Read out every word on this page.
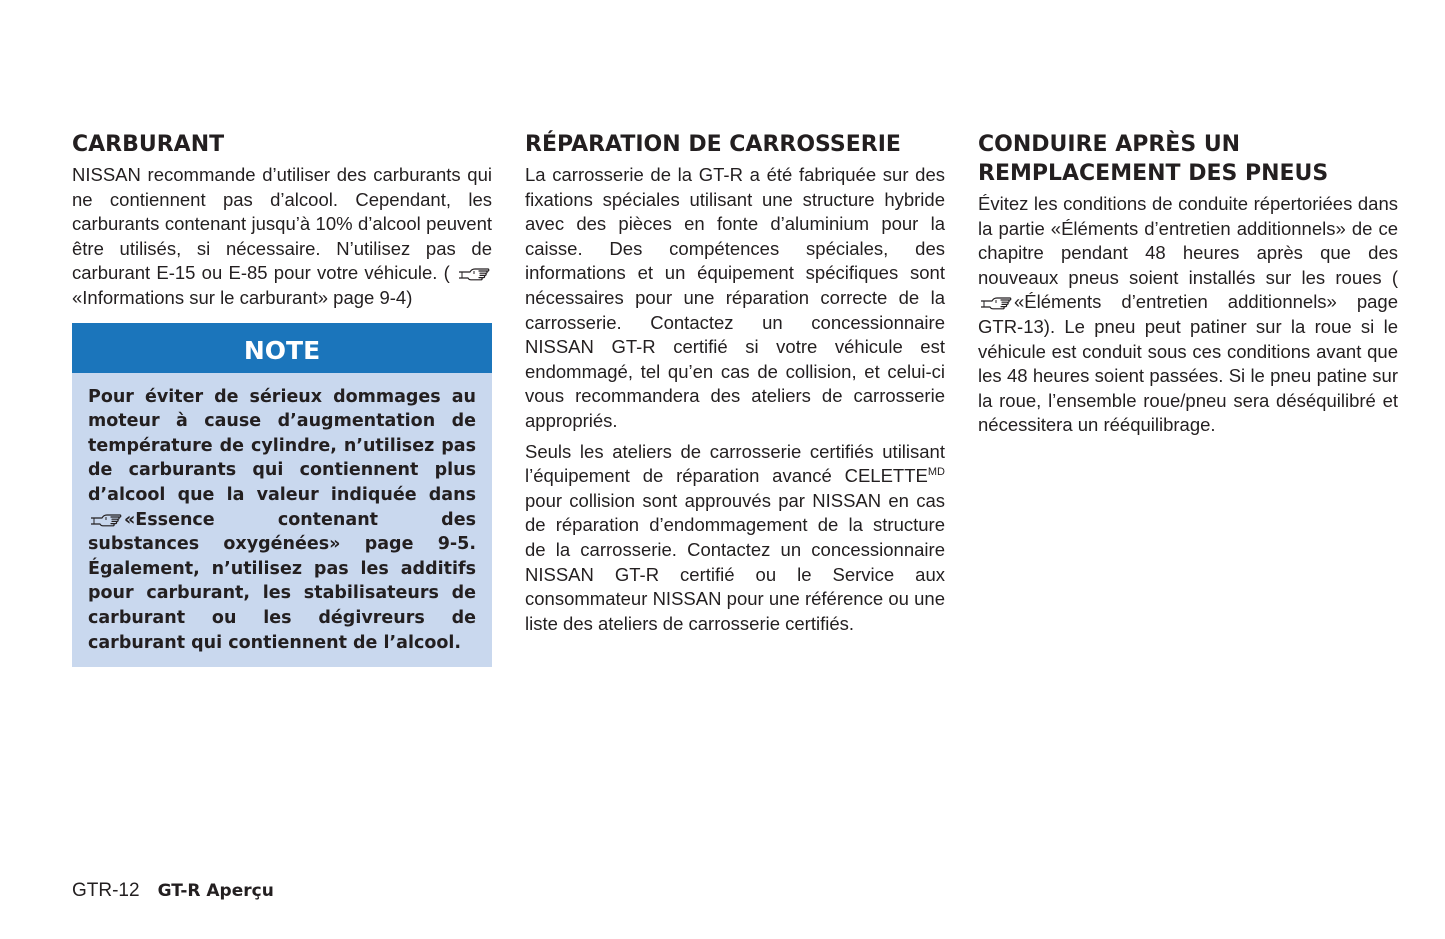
CARBURANT

NISSAN recommande d’utiliser des carburants qui ne contiennent pas d’alcool. Cependant, les carburants contenant jusqu’à 10% d’alcool peuvent être utilisés, si nécessaire. N’utilisez pas de carburant E-15 ou E-85 pour votre véhicule. ( «Informations sur le carburant» page 9-4)

NOTE

Pour éviter de sérieux dommages au moteur à cause d’augmentation de température de cylindre, n’utilisez pas de carburants qui contiennent plus d’alcool que la valeur indiquée dans «Essence contenant des substances oxygénées» page 9-5. Également, n’utilisez pas les additifs pour carburant, les stabilisateurs de carburant ou les dégivreurs de carburant qui contiennent de l’alcool.

RÉPARATION DE CARROSSERIE

La carrosserie de la GT-R a été fabriquée sur des fixations spéciales utilisant une structure hybride avec des pièces en fonte d’aluminium pour la caisse. Des compétences spéciales, des informations et un équipement spécifiques sont nécessaires pour une réparation correcte de la carrosserie. Contactez un concessionnaire NISSAN GT-R certifié si votre véhicule est endommagé, tel qu’en cas de collision, et celui-ci vous recommandera des ateliers de carrosserie appropriés.

Seuls les ateliers de carrosserie certifiés utilisant l’équipement de réparation avancé $CELETTE^{MD}$ pour collision sont approuvés par NISSAN en cas de réparation d’endommagement de la structure de la carrosserie. Contactez un concessionnaire NISSAN GT-R certifié ou le Service aux consommateur NISSAN pour une référence ou une liste des ateliers de carrosserie certifiés.

CONDUIRE APRÈS UN REMPLACEMENT DES PNEUS

Évitez les conditions de conduite répertoriées dans la partie «Éléments d’entretien additionnels» de ce chapitre pendant 48 heures après que des nouveaux pneus soient installés sur les roues ( «Éléments d’entretien additionnels» page GTR-13). Le pneu peut patiner sur la roue si le véhicule est conduit sous ces conditions avant que les 48 heures soient passées. Si le pneu patine sur la roue, l’ensemble roue/pneu sera déséquilibré et nécessitera un rééquilibrage.

GTR-12 GT-R Aperçu
